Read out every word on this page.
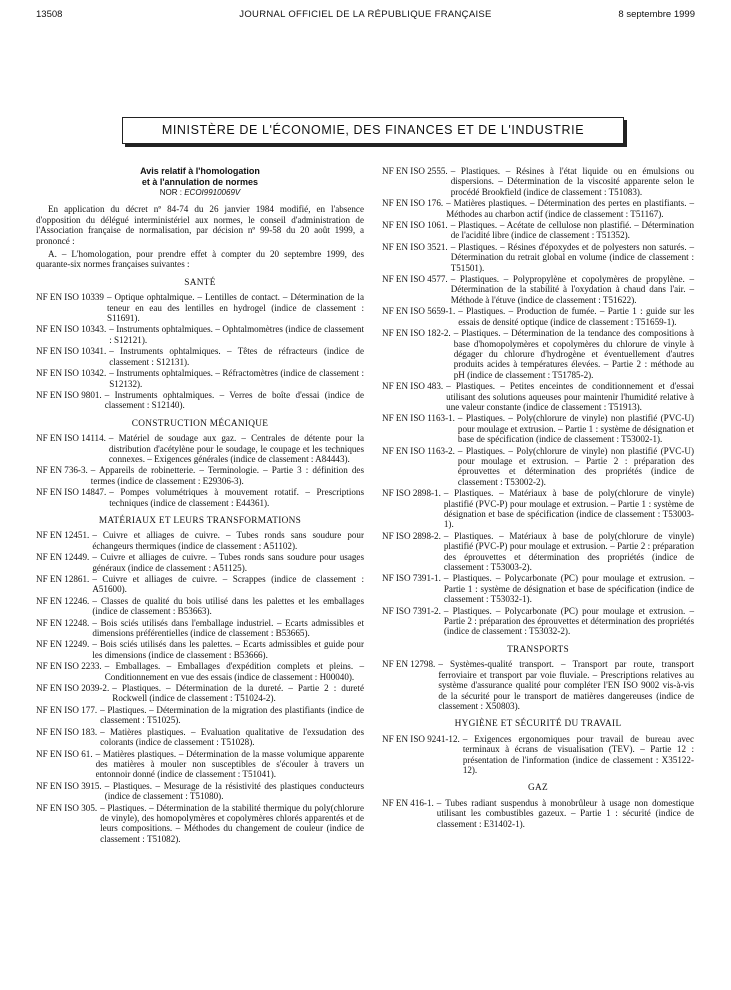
13508	JOURNAL OFFICIEL DE LA RÉPUBLIQUE FRANÇAISE	8 septembre 1999
MINISTÈRE DE L'ÉCONOMIE, DES FINANCES ET DE L'INDUSTRIE
Avis relatif à l'homologation
et à l'annulation de normes
NOR : ECOI9910069V

En application du décret nº 84-74 du 26 janvier 1984 modifié, en l'absence d'opposition du délégué interministériel aux normes, le conseil d'administration de l'Association française de normalisation, par décision nº 99-58 du 20 août 1999, a prononcé :

A. – L'homologation, pour prendre effet à compter du 20 septembre 1999, des quarante-six normes françaises suivantes :

SANTÉ
NF EN ISO 10339 – Optique ophtalmique. – Lentilles de contact. – Détermination de la teneur en eau des lentilles en hydrogel (indice de classement : S11691).
NF EN ISO 10343. – Instruments ophtalmiques. – Ophtalmomètres (indice de classement : S12121).
NF EN ISO 10341. – Instruments ophtalmiques. – Têtes de réfracteurs (indice de classement : S12131).
NF EN ISO 10342. – Instruments ophtalmiques. – Réfractomètres (indice de classement : S12132).
NF EN ISO 9801. – Instruments ophtalmiques. – Verres de boîte d'essai (indice de classement : S12140).
CONSTRUCTION MÉCANIQUE
NF EN ISO 14114. – Matériel de soudage aux gaz. – Centrales de détente pour la distribution d'acétylène pour le soudage, le coupage et les techniques connexes. – Exigences générales (indice de classement : A84443).
NF EN 736-3. – Appareils de robinetterie. – Terminologie. – Partie 3 : définition des termes (indice de classement : E29306-3).
NF EN ISO 14847. – Pompes volumétriques à mouvement rotatif. – Prescriptions techniques (indice de classement : E44361).
MATÉRIAUX ET LEURS TRANSFORMATIONS
NF EN 12451. – Cuivre et alliages de cuivre. – Tubes ronds sans soudure pour échangeurs thermiques (indice de classement : A51102).
NF EN 12449. – Cuivre et alliages de cuivre. – Tubes ronds sans soudure pour usages généraux (indice de classement : A51125).
NF EN 12861. – Cuivre et alliages de cuivre. – Scrappes (indice de classement : A51600).
NF EN 12246. – Classes de qualité du bois utilisé dans les palettes et les emballages (indice de classement : B53663).
NF EN 12248. – Bois sciés utilisés dans l'emballage industriel. – Ecarts admissibles et dimensions préférentielles (indice de classement : B53665).
NF EN 12249. – Bois sciés utilisés dans les palettes. – Ecarts admissibles et guide pour les dimensions (indice de classement : B53666).
NF EN ISO 2233. – Emballages. – Emballages d'expédition complets et pleins. – Conditionnement en vue des essais (indice de classement : H00040).
NF EN ISO 2039-2. – Plastiques. – Détermination de la dureté. – Partie 2 : dureté Rockwell (indice de classement : T51024-2).
NF EN ISO 177. – Plastiques. – Détermination de la migration des plastifiants (indice de classement : T51025).
NF EN ISO 183. – Matières plastiques. – Evaluation qualitative de l'exsudation des colorants (indice de classement : T51028).
NF EN ISO 61. – Matières plastiques. – Détermination de la masse volumique apparente des matières à mouler non susceptibles de s'écouler à travers un entonnoir donné (indice de classement : T51041).
NF EN ISO 3915. – Plastiques. – Mesurage de la résistivité des plastiques conducteurs (indice de classement : T51080).
NF EN ISO 305. – Plastiques. – Détermination de la stabilité thermique du poly(chlorure de vinyle), des homopolymères et copolymères chlorés apparentés et de leurs compositions. – Méthodes du changement de couleur (indice de classement : T51082).
NF EN ISO 2555. – Plastiques. – Résines à l'état liquide ou en émulsions ou dispersions. – Détermination de la viscosité apparente selon le procédé Brookfield (indice de classement : T51083).
NF EN ISO 176. – Matières plastiques. – Détermination des pertes en plastifiants. – Méthodes au charbon actif (indice de classement : T51167).
NF EN ISO 1061. – Plastiques. – Acétate de cellulose non plastifié. – Détermination de l'acidité libre (indice de classement : T51352).
NF EN ISO 3521. – Plastiques. – Résines d'époxydes et de polyesters non saturés. – Détermination du retrait global en volume (indice de classement : T51501).
NF EN ISO 4577. – Plastiques. – Polypropylène et copolymères de propylène. – Détermination de la stabilité à l'oxydation à chaud dans l'air. – Méthode à l'étuve (indice de classement : T51622).
NF EN ISO 5659-1. – Plastiques. – Production de fumée. – Partie 1 : guide sur les essais de densité optique (indice de classement : T51659-1).
NF EN ISO 182-2. – Plastiques. – Détermination de la tendance des compositions à base d'homopolymères et copolymères du chlorure de vinyle à dégager du chlorure d'hydrogène et éventuellement d'autres produits acides à températures élevées. – Partie 2 : méthode au pH (indice de classement : T51785-2).
NF EN ISO 483. – Plastiques. – Petites enceintes de conditionnement et d'essai utilisant des solutions aqueuses pour maintenir l'humidité relative à une valeur constante (indice de classement : T51913).
NF EN ISO 1163-1. – Plastiques. – Poly(chlorure de vinyle) non plastifié (PVC-U) pour moulage et extrusion. – Partie 1 : système de désignation et base de spécification (indice de classement : T53002-1).
NF EN ISO 1163-2. – Plastiques. – Poly(chlorure de vinyle) non plastifié (PVC-U) pour moulage et extrusion. – Partie 2 : préparation des éprouvettes et détermination des propriétés (indice de classement : T53002-2).
NF ISO 2898-1. – Plastiques. – Matériaux à base de poly(chlorure de vinyle) plastifié (PVC-P) pour moulage et extrusion. – Partie 1 : système de désignation et base de spécification (indice de classement : T53003-1).
NF ISO 2898-2. – Plastiques. – Matériaux à base de poly(chlorure de vinyle) plastifié (PVC-P) pour moulage et extrusion. – Partie 2 : préparation des éprouvettes et détermination des propriétés (indice de classement : T53003-2).
NF ISO 7391-1. – Plastiques. – Polycarbonate (PC) pour moulage et extrusion. – Partie 1 : système de désignation et base de spécification (indice de classement : T53032-1).
NF ISO 7391-2. – Plastiques. – Polycarbonate (PC) pour moulage et extrusion. – Partie 2 : préparation des éprouvettes et détermination des propriétés (indice de classement : T53032-2).
TRANSPORTS
NF EN 12798. – Systèmes-qualité transport. – Transport par route, transport ferroviaire et transport par voie fluviale. – Prescriptions relatives au système d'assurance qualité pour compléter l'EN ISO 9002 vis-à-vis de la sécurité pour le transport de matières dangereuses (indice de classement : X50803).
HYGIÈNE ET SÉCURITÉ DU TRAVAIL
NF EN ISO 9241-12. – Exigences ergonomiques pour travail de bureau avec terminaux à écrans de visualisation (TEV). – Partie 12 : présentation de l'information (indice de classement : X35122-12).
GAZ
NF EN 416-1. – Tubes radiant suspendus à monobrûleur à usage non domestique utilisant les combustibles gazeux. – Partie 1 : sécurité (indice de classement : E31402-1).
